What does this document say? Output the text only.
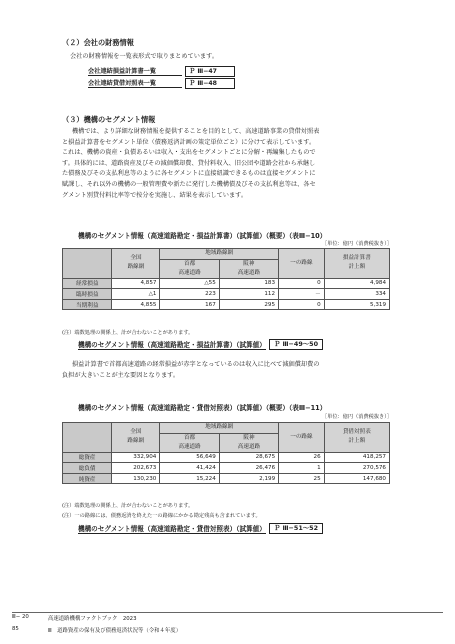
（２）会社の財務情報
会社の財務情報を一覧表形式で取りまとめています。
会社連結損益計算書一覧	Ｐ Ⅲ−47
会社連結貸借対照表一覧	Ｐ Ⅲ−48
（３）機構のセグメント情報
機構では、より詳細な財務情報を提供することを目的として、高速道路事業の貸借対照表
と損益計算書をセグメント単位（債務返済計画の策定単位ごと）に分けて表示しています。
これは、機構の資産・負債あるいは収入・支出をセグメントごとに分解・再編集したもので
す。具体的には、道路資産及びその減価償却費、貸付料収入、旧公団や道路会社から承継し
た債務及びその支払利息等のように各セグメントに直接紐識できるものは直接セグメントに
賦課し、それ以外の機構の一般管理費や新たに発行した機構債及びその支払利息等は、各セ
グメント別貸付料比率等で按分を実施し、結果を表示しています。
機構のセグメント情報（高速道路勘定・損益計算書）（試算値）（概要）（表Ⅲ−10）
［単位：億円（消費税抜き）］
	全国
路線網	地域路線網		一の路線	損益計算書
計上額
		首都
高速道路	阪神
高速道路		

経常損益	4,857	△55	183	0	4,984
臨時損益	△1	223	112	－	334
当期利益	4,855	167	295	0	5,319
(注）端数処理の関係上、計が合わないことがあります。
機構のセグメント情報（高速道路勘定・損益計算書）（試算値）	Ｐ Ⅲ−49〜50
損益計算書で首都高速道路の経常損益が赤字となっているのは収入に比べて減価償却費の
負担が大きいことが主な要因となります。
機構のセグメント情報（高速道路勘定・貸借対照表）（試算値）（概要）（表Ⅲ−11）
［単位：億円（消費税抜き）］
	全国
路線網	地域路線網		一の路線	貸借対照表
計上額
		首都
高速道路	阪神
高速道路		

総資産	332,904	56,649	28,675	26	418,257
総負債	202,673	41,424	26,476	1	270,576
純資産	130,230	15,224	2,199	25	147,680
(注）端数処理の関係上、計が合わないことがあります。
(注）一の路線には、債務返済を終えた一の路線にかかる勘定残高も含まれています。
機構のセグメント情報（高速道路勘定・貸借対照表）（試算値）	Ｐ Ⅲ−51〜52
Ⅲ− 20	高速道路機構ファクトブック　2023
85	Ⅲ　道路資産の保有及び債務返済状況等（令和４年度）
